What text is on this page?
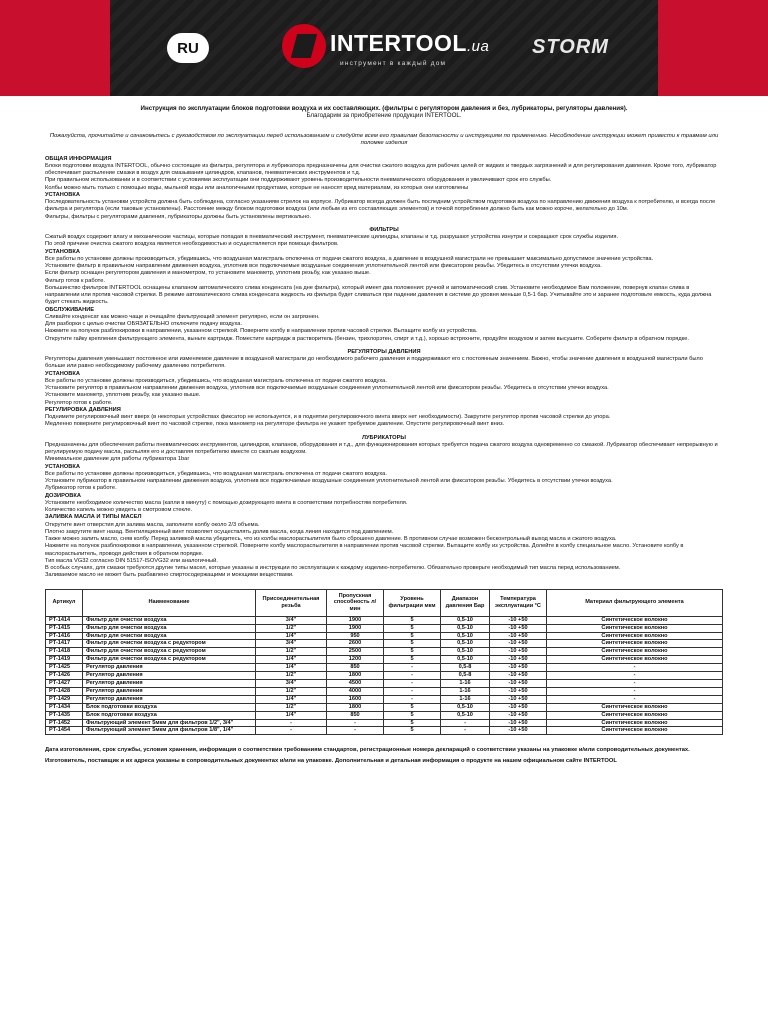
RU	INTERTOOL.ua
инструмент в каждый дом
STORM
Инструкция по эксплуатации блоков подготовки воздуха и их составляющих. (фильтры с регулятором давления и без, лубрикаторы, регуляторы давления).
Благодарим за приобретение продукции INTERTOOL.
Пожалуйста, прочитайте и ознакомьтесь с руководством по эксплуатации перед использованием и следуйте всем его правилам безопасности и инструкциям по применению. Несоблюдение инструкции может привести к травмам или поломке изделия

ОБЩАЯ ИНФОРМАЦИЯ

Блоки подготовки воздуха INTERTOOL, обычно состоящие из фильтра, регулятора и лубрикатора предназначены для очистки сжатого воздуха для рабочих целей от жидких и твердых загрязнений и для регулирования давления. Кроме того, лубрикатор обеспечивает распыление смазки в воздух для смазывания цилиндров, клапанов, пневматических инструментов и т.д.

При правильном использовании и в соответствии с условиями эксплуатации они поддерживают уровень производительности пневматического оборудования и увеличивают срок его службы.

Колбы можно мыть только с помощью воды, мыльной воды или аналогичными продуктами, которые не наносят вред материалам, из которых они изготовлены

УСТАНОВКА

Последовательность установки устройств должна быть соблюдена, согласно указаниям стрелок на корпусе. Лубрикатор всегда должен быть последним устройством подготовки воздуха по направлению движения воздуха к потребителю, и всегда после фильтра и регулятора (если таковые установлены). Расстояние между блоком подготовки воздуха (или любым из его составляющих элементов) и точкой потребления должно быть как можно короче, желательно до 10м.

Фильтры, фильтры с регуляторами давления, лубрикаторы должны быть установлены вертикально.

ФИЛЬТРЫ

Сжатый воздух содержит влагу и механические частицы, которые попадая в пневматический инструмент, пневматические цилиндры, клапаны и т.д. разрушают устройства изнутри и сокращают срок службы изделия.

По этой причине очистка сжатого воздуха является необходимостью и осуществляется при помощи фильтров.

УСТАНОВКА

Все работы по установке должны производиться, убедившись, что воздушная магистраль отключена от подачи сжатого воздуха, а давление в воздушной магистрали не превышает максимально допустимое значение устройства.

Установите фильтр в правильном направлении движения воздуха, уплотнив все подключаемые воздушные соединения уплотнительной лентой или фиксатором резьбы. Убедитесь в отсутствии утечки воздуха.

Если фильтр оснащен регулятором давления и манометром, то установите манометр, уплотнив резьбу, как указано выше.

Фильтр готов к работе.

Большинство фильтров INTERTOOL оснащены клапаном автоматического слива конденсата (на дне фильтра), который имеет два положения: ручной и автоматический слив. Установите необходимое Вам положение, повернув клапан слива в направлении или против часовой стрелки. В режиме автоматического слива конденсата жидкость из фильтра будет сливаться при падении давления в системе до уровня меньше 0,5-1 бар. Учитывайте это и заранее подготовьте емкость, куда должна будет стекать жидкость.

ОБСЛУЖИВАНИЕ

Сливайте конденсат как можно чаще и очищайте фильтрующий элемент регулярно, если он загрязнен.

Для разборки с целью очистки ОБЯЗАТЕЛЬНО отключите подачу воздуха.

Нажмите на полунок разблокировки в направлении, указанном стрелкой. Поверните колбу в направлении против часовой стрелки. Вытащите колбу из устройства.

Открутите гайку крепления фильтрующего элемента, выньте картридж. Поместите картридж в растворитель (бензин, трихлорэтен, спирт и т.д.), хорошо встряхните, продуйте воздухом и затем высушите. Соберите фильтр в обратном порядке.

РЕГУЛЯТОРЫ ДАВЛЕНИЯ

Регуляторы давления уменьшают постоянное или изменяемое давление в воздушной магистрали до необходимого рабочего давления и поддерживают его с постоянным значением. Важно, чтобы значение давления в воздушной магистрали было больше или равно необходимому рабочему давлению потребителя.

УСТАНОВКА

Все работы по установке должны производиться, убедившись, что воздушная магистраль отключена от подачи сжатого воздуха.

Установите регулятор в правильном направлении движения воздуха, уплотнив все подключаемые воздушные соединения уплотнительной лентой или фиксатором резьбы. Убедитесь в отсутствии утечки воздуха.

Установите манометр, уплотнив резьбу, как указано выше.

Регулятор готов к работе.

РЕГУЛИРОВКА ДАВЛЕНИЯ

Поднимите регулировочный винт вверх (в некоторых устройствах фиксатор не используется, и в поднятии регулировочного винта вверх нет необходимости). Закрутите регулятор против часовой стрелки до упора.

Медленно поверните регулировочный винт по часовой стрелке, пока манометр на регуляторе фильтра не укажет требуемое давление. Опустите регулировочный винт вниз.

ЛУБРИКАТОРЫ

Предназначены для обеспечения работы пневматических инструментов, цилиндров, клапанов, оборудования и т.д., для функционирования которых требуется подача сжатого воздуха одновременно со смазкой. Лубрикатор обеспечивает непрерывную и регулируемую подачу масла, распыляя его и доставляя потребителю вместе со сжатым воздухом.

Минимальное давление для работы лубрикатора 1bar

УСТАНОВКА

Все работы по установке должны производиться, убедившись, что воздушная магистраль отключена от подачи сжатого воздуха.

Установите лубрикатор в правильном направлении движения воздуха, уплотнив все подключаемые воздушные соединения уплотнительной лентой или фиксатором резьбы. Убедитесь в отсутствии утечки воздуха.

Лубрикатор готов к работе.

ДОЗИРОВКА

Установите необходимое количество масла (капли в минуту) с помощью дозирующего винта в соответствии потребностям потребителя.

Количество капель можно увидеть в смотровом стекле.

ЗАЛИВКА МАСЛА И ТИПЫ МАСЕЛ

Открутите винт отверстия для залива масла, заполните колбу около 2/3 объема.

Плотно закрутите винт назад. Вентиляционный винт позволяет осуществлять долив масла, когда линия находится под давлением.

Также можно залить масло, сняв колбу. Перед заливкой масла убедитесь, что из колбы маслораспылителя было сброшено давление. В противном случае возможен бесконтрольный выход масла и сжатого воздуха.

Нажмите на полунок разблокировки в направлении, указанном стрелкой. Поверните колбу маслораспылителя в направлении против часовой стрелки. Вытащите колбу из устройства. Долейте в колбу специальное масло. Установите колбу в маслораспылитель, проводя действия в обратном порядке.

Тип масла VG32 согласно DIN 51517-ISOVG32 или аналогичный.

В особых случаях, для смазки требуются другие типы масел, которые указаны в инструкции по эксплуатации к каждому изделию-потребителю. Обязательно проверьте необходимый тип масла перед использованием.

Заливаемое масло не может быть разбавлено спиртосодержащими и моющими веществами.

Артикул	Наименование	Присоединительная резьба	Пропускная способность л/мин	Уровень фильтрации мкм	Диапазон давления Бар	Температура эксплуатации °C	Материал фильтрующего элемента
PT-1414	Фильтр для очистки воздуха	3/4"	1900	5	0,5-10	-10 +50	Синтетическое волокно
PT-1415	Фильтр для очистки воздуха	1/2"	1900	5	0,5-10	-10 +50	Синтетическое волокно
PT-1416	Фильтр для очистки воздуха	1/4"	950	5	0,5-10	-10 +50	Синтетическое волокно
PT-1417	Фильтр для очистки воздуха с редуктором	3/4"	2600	5	0,5-10	-10 +50	Синтетическое волокно
PT-1418	Фильтр для очистки воздуха с редуктором	1/2"	2500	5	0,5-10	-10 +50	Синтетическое волокно
PT-1419	Фильтр для очистки воздуха с редуктором	1/4"	1200	5	0,5-10	-10 +50	Синтетическое волокно
PT-1425	Регулятор давления	1/4"	850	-	0,5-8	-10 +50	-
PT-1426	Регулятор давления	1/2"	1800	-	0,5-8	-10 +50	-
PT-1427	Регулятор давления	3/4"	4500	-	1-16	-10 +50	-
PT-1428	Регулятор давления	1/2"	4000	-	1-16	-10 +50	-
PT-1429	Регулятор давления	1/4"	1600	-	1-16	-10 +50	-
PT-1434	Блок подготовки воздуха	1/2"	1800	5	0,5-10	-10 +50	Синтетическое волокно
PT-1435	Блок подготовки воздуха	1/4"	850	5	0,5-10	-10 +50	Синтетическое волокно
PT-1452	Фильтрующий элемент 5мкм для фильтров 1/2", 3/4"	-	-	5	-	-10 +50	Синтетическое волокно
PT-1454	Фильтрующий элемент 5мкм для фильтров 1/8", 1/4"	-	-	5	-	-10 +50	Синтетическое волокно

Дата изготовления, срок службы, условия хранения, информация о соответствии требованиям стандартов, регистрационные номера деклараций о соответствии указаны на упаковке и/или сопроводительных документах.

Изготовитель, поставщик и их адреса указаны в сопроводительных документах и/или на упаковке. Дополнительная и детальная информация о продукте на нашем официальном сайте INTERTOOL
